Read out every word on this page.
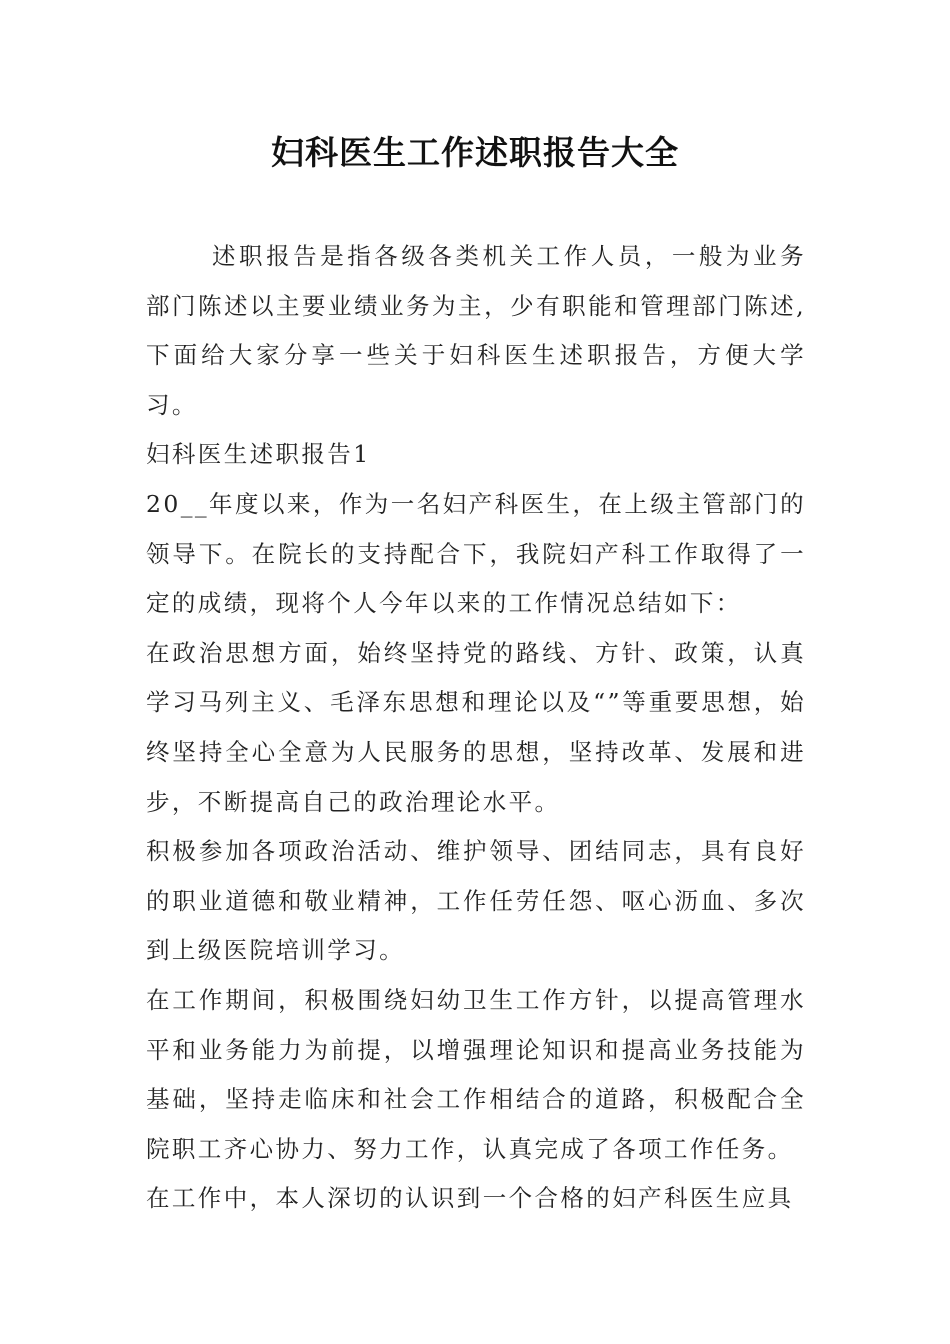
妇科医生工作述职报告大全

述职报告是指各级各类机关工作人员，一般为业务部门陈述以主要业绩业务为主，少有职能和管理部门陈述,下面给大家分享一些关于妇科医生述职报告，方便大学习。

妇科医生述职报告1

20__年度以来，作为一名妇产科医生，在上级主管部门的领导下。在院长的支持配合下，我院妇产科工作取得了一定的成绩，现将个人今年以来的工作情况总结如下：

在政治思想方面，始终坚持党的路线、方针、政策，认真学习马列主义、毛泽东思想和理论以及“”等重要思想，始终坚持全心全意为人民服务的思想，坚持改革、发展和进步，不断提高自己的政治理论水平。

积极参加各项政治活动、维护领导、团结同志，具有良好的职业道德和敬业精神，工作任劳任怨、呕心沥血、多次到上级医院培训学习。

在工作期间，积极围绕妇幼卫生工作方针，以提高管理水平和业务能力为前提，以增强理论知识和提高业务技能为基础，坚持走临床和社会工作相结合的道路，积极配合全院职工齐心协力、努力工作，认真完成了各项工作任务。

在工作中，本人深切的认识到一个合格的妇产科医生应具
